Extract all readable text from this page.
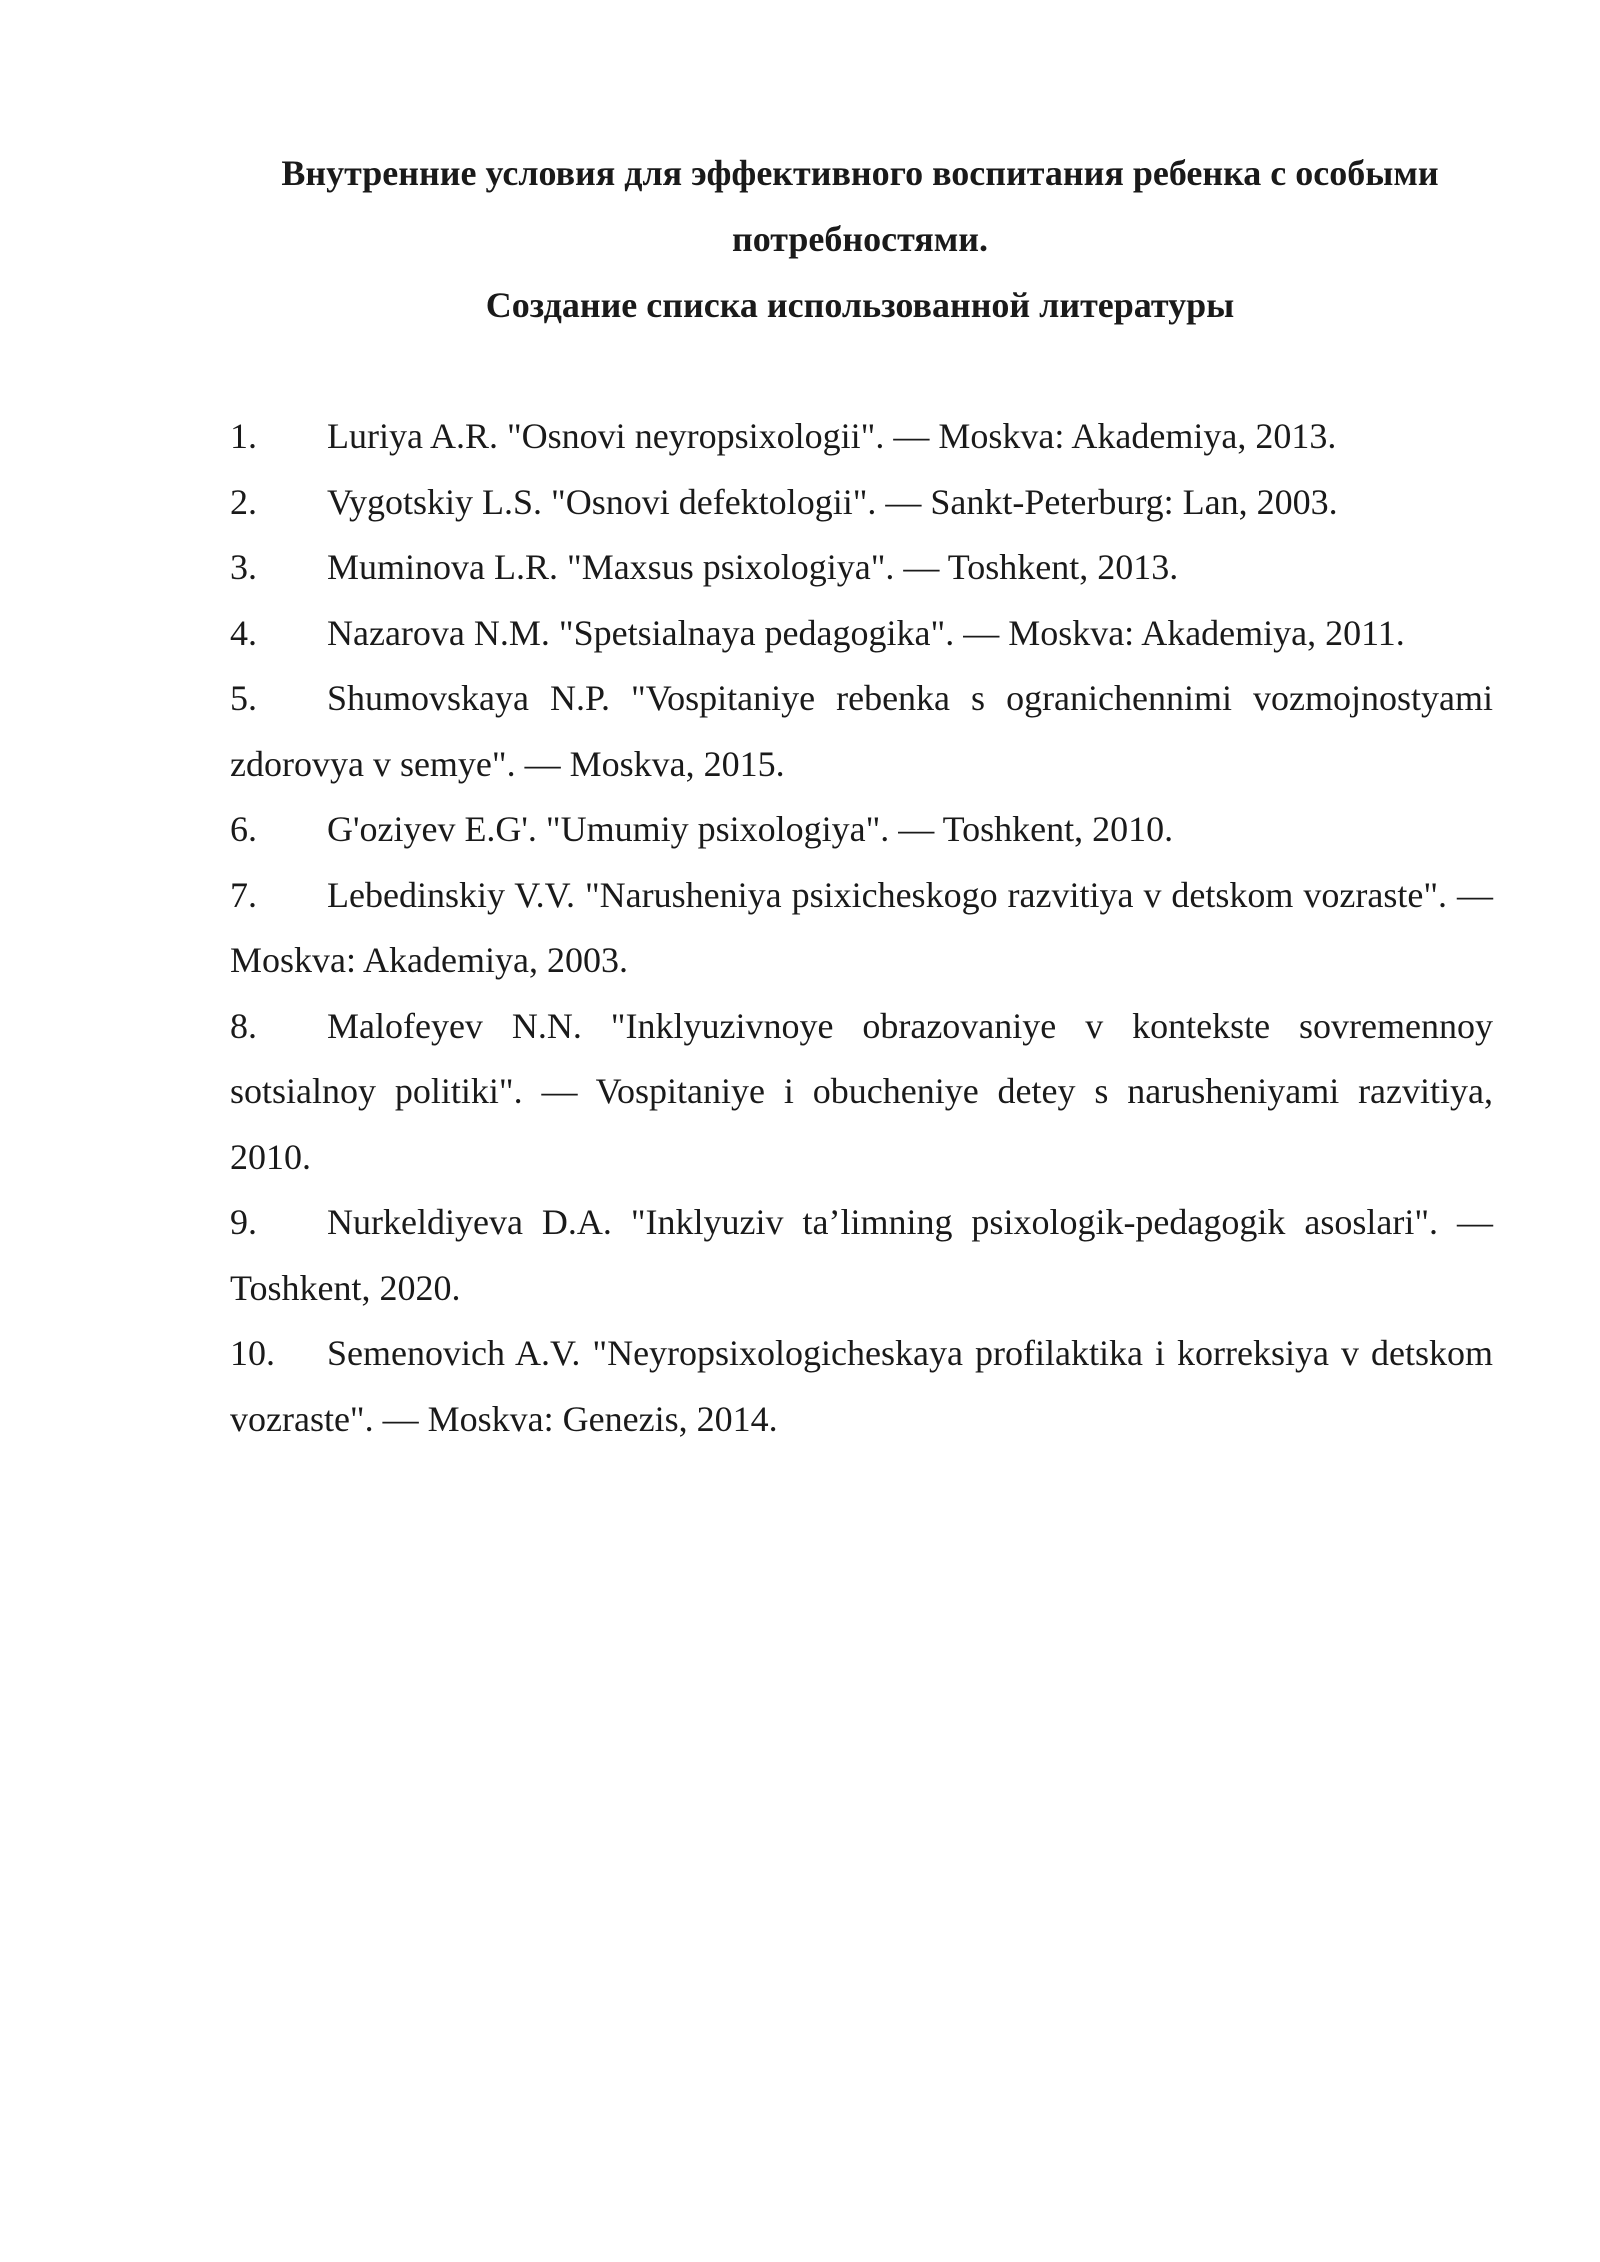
Внутренние условия для эффективного воспитания ребенка с особыми
потребностями.
Создание списка использованной литературы
1. Luriya A.R. "Osnovi neyropsixologii". — Moskva: Akademiya, 2013.
2. Vygotskiy L.S. "Osnovi defektologii". — Sankt-Peterburg: Lan, 2003.
3. Muminova L.R. "Maxsus psixologiya". — Toshkent, 2013.
4. Nazarova N.M. "Spetsialnaya pedagogika". — Moskva: Akademiya, 2011.
5. Shumovskaya N.P. "Vospitaniye rebenka s ogranichennimi vozmojnostyami zdorovya v semye". — Moskva, 2015.
6. G'oziyev E.G'. "Umumiy psixologiya". — Toshkent, 2010.
7. Lebedinskiy V.V. "Narusheniya psixicheskogo razvitiya v detskom vozraste". — Moskva: Akademiya, 2003.
8. Malofeyev N.N. "Inklyuzivnoye obrazovaniye v kontekste sovremennoy sotsialnoy politiki". — Vospitaniye i obucheniye detey s narusheniyami razvitiya, 2010.
9. Nurkeldiyeva D.A. "Inklyuziv ta’limning psixologik-pedagogik asoslari". — Toshkent, 2020.
10. Semenovich A.V. "Neyropsixologicheskaya profilaktika i korreksiya v detskom vozraste". — Moskva: Genezis, 2014.
